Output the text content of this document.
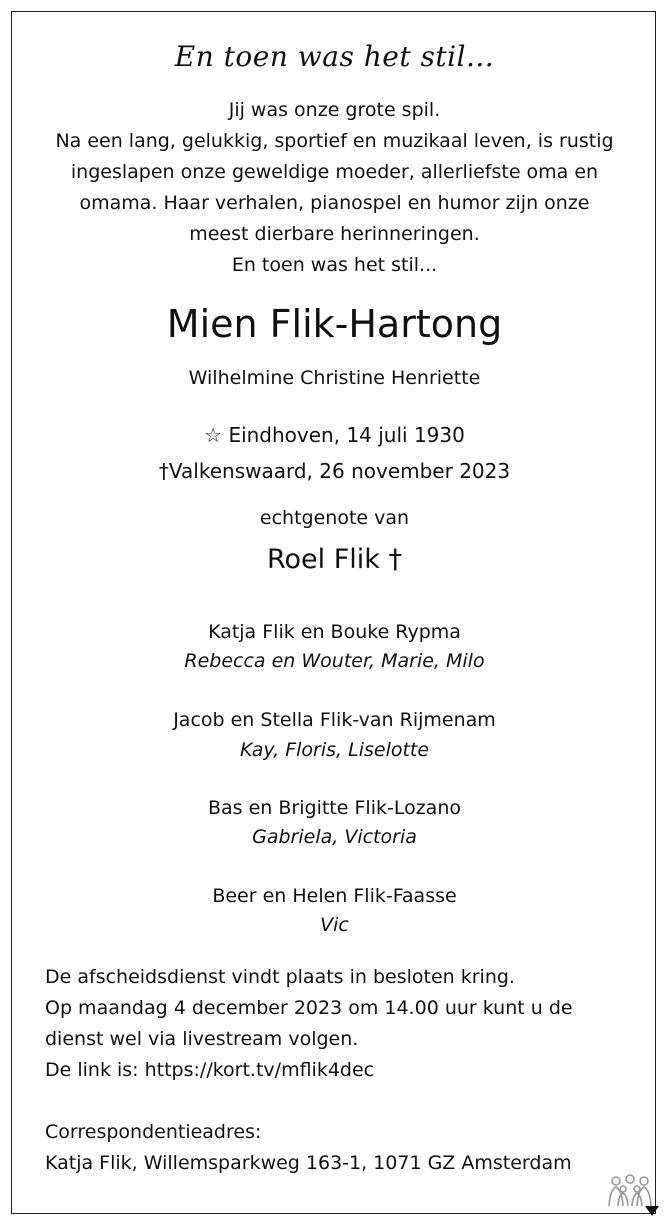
En toen was het stil...
Jij was onze grote spil.
Na een lang, gelukkig, sportief en muzikaal leven, is rustig
ingeslapen onze geweldige moeder, allerliefste oma en
omama. Haar verhalen, pianospel en humor zijn onze
meest dierbare herinneringen.
En toen was het stil...
Mien Flik-Hartong
Wilhelmine Christine Henriette
☆ Eindhoven, 14 juli 1930
†Valkenswaard, 26 november 2023
echtgenote van
Roel Flik †
Katja Flik en Bouke Rypma
Rebecca en Wouter, Marie, Milo
Jacob en Stella Flik-van Rijmenam
Kay, Floris, Liselotte
Bas en Brigitte Flik-Lozano
Gabriela, Victoria
Beer en Helen Flik-Faasse
Vic
De afscheidsdienst vindt plaats in besloten kring.
Op maandag 4 december 2023 om 14.00 uur kunt u de
dienst wel via livestream volgen.
De link is: https://kort.tv/mflik4dec
Correspondentieadres:
Katja Flik, Willemsparkweg 163-1, 1071 GZ Amsterdam
